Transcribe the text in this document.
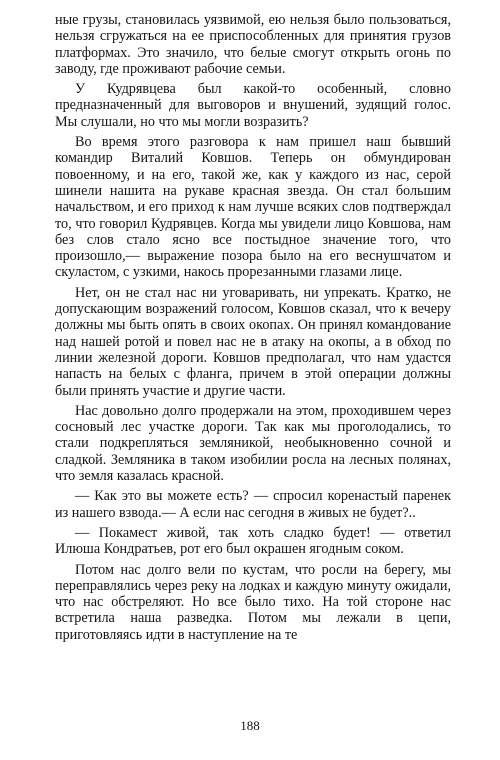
ные грузы, становилась уязвимой, ею нельзя было пользоваться, нельзя сгружаться на ее приспособленных для принятия грузов платформах. Это значило, что белые смогут открыть огонь по заводу, где проживают рабочие семьи.

У Кудрявцева был какой-то особенный, словно предназначенный для выговоров и внушений, зудящий голос. Мы слушали, но что мы могли возразить?

Во время этого разговора к нам пришел наш бывший командир Виталий Ковшов. Теперь он обмундирован повоенному, и на его, такой же, как у каждого из нас, серой шинели нашита на рукаве красная звезда. Он стал большим начальством, и его приход к нам лучше всяких слов подтверждал то, что говорил Кудрявцев. Когда мы увидели лицо Ковшова, нам без слов стало ясно все постыдное значение того, что произошло,— выражение позора было на его веснушчатом и скуластом, с узкими, накось прорезанными глазами лице.

Нет, он не стал нас ни уговаривать, ни упрекать. Кратко, не допускающим возражений голосом, Ковшов сказал, что к вечеру должны мы быть опять в своих окопах. Он принял командование над нашей ротой и повел нас не в атаку на окопы, а в обход по линии железной дороги. Ковшов предполагал, что нам удастся напасть на белых с фланга, причем в этой операции должны были принять участие и другие части.

Нас довольно долго продержали на этом, проходившем через сосновый лес участке дороги. Так как мы проголодались, то стали подкрепляться земляникой, необыкновенно сочной и сладкой. Земляника в таком изобилии росла на лесных полянах, что земля казалась красной.

— Как это вы можете есть? — спросил коренастый паренек из нашего взвода.— А если нас сегодня в живых не будет?..

— Покамест живой, так хоть сладко будет! — ответил Илюша Кондратьев, рот его был окрашен ягодным соком.

Потом нас долго вели по кустам, что росли на берегу, мы переправлялись через реку на лодках и каждую минуту ожидали, что нас обстреляют. Но все было тихо. На той стороне нас встретила наша разведка. Потом мы лежали в цепи, приготовляясь идти в наступление на те

188
